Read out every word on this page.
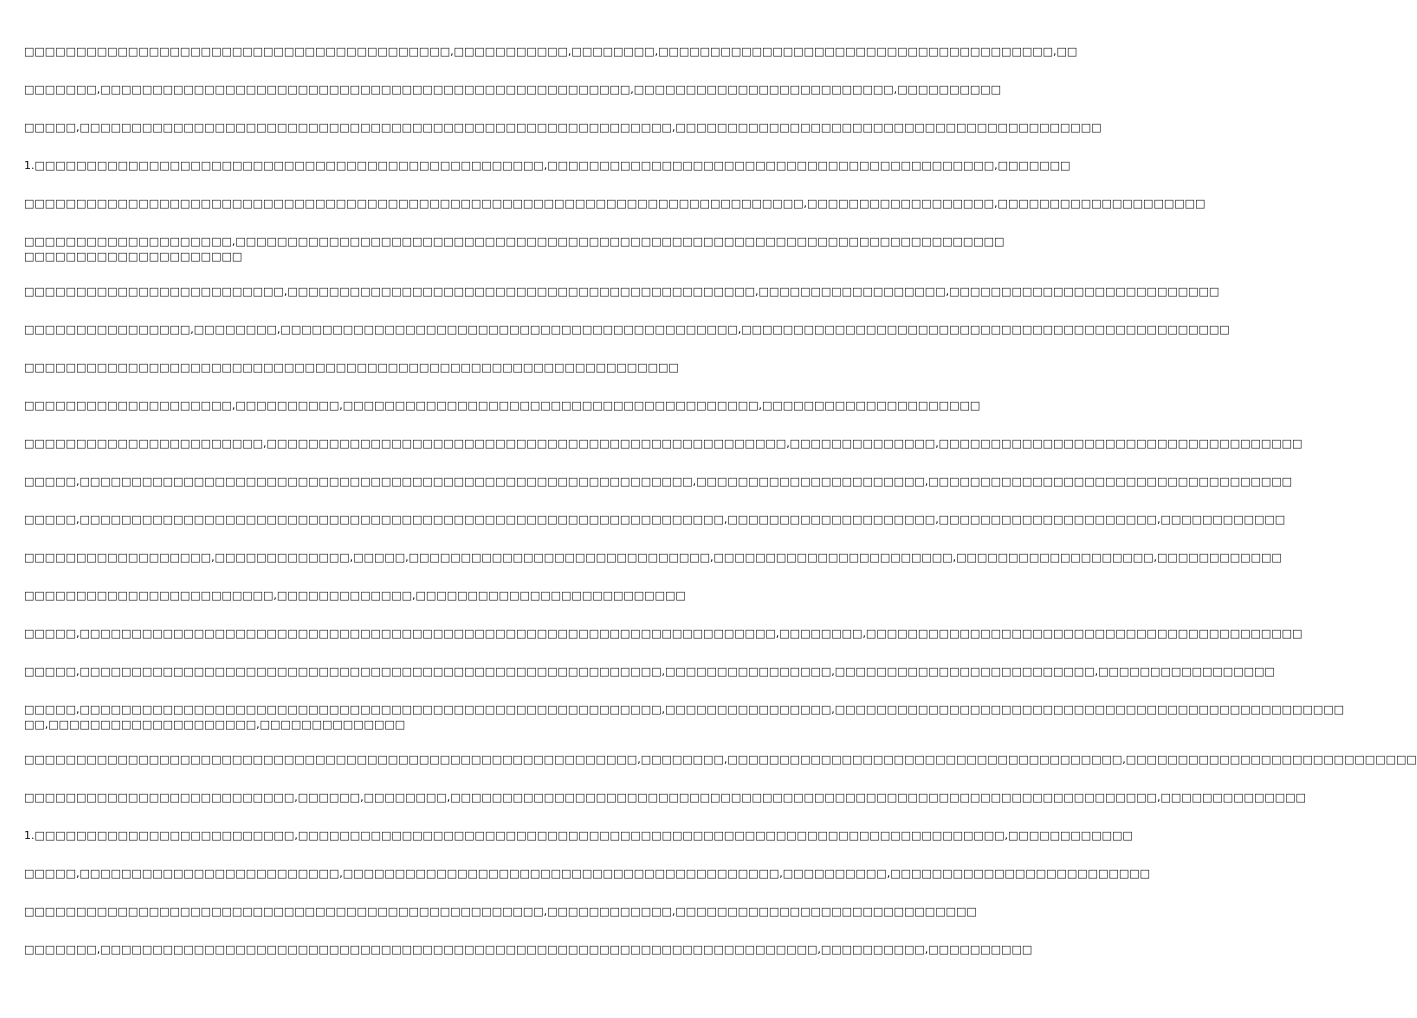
□□□□□□□□□□□□□□□□□□□□□□□□□□□□□□□□□□□□□□□□□,□□□□□□□□□□□,□□□□□□□□,□□□□□□□□□□□□□□□□□□□□□□□□□□□□□□□□□□□□□□,□□

□□□□□□□,□□□□□□□□□□□□□□□□□□□□□□□□□□□□□□□□□□□□□□□□□□□□□□□□□□□,□□□□□□□□□□□□□□□□□□□□□□□□□,□□□□□□□□□□

□□□□□,□□□□□□□□□□□□□□□□□□□□□□□□□□□□□□□□□□□□□□□□□□□□□□□□□□□□□□□□□,□□□□□□□□□□□□□□□□□□□□□□□□□□□□□□□□□□□□□□□□□

1.□□□□□□□□□□□□□□□□□□□□□□□□□□□□□□□□□□□□□□□□□□□□□□□□□,□□□□□□□□□□□□□□□□□□□□□□□□□□□□□□□□□□□□□□□□□□□,□□□□□□□

□□□□□□□□□□□□□□□□□□□□□□□□□□□□□□□□□□□□□□□□□□□□□□□□□□□□□□□□□□□□□□□□□□□□□□□□□□□,□□□□□□□□□□□□□□□□□□,□□□□□□□□□□□□□□□□□□□□

□□□□□□□□□□□□□□□□□□□□,□□□□□□□□□□□□□□□□□□□□□□□□□□□□□□□□□□□□□□□□□□□□□□□□□□□□□□□□□□□□□□□□□□□□□□□□□□ □□□□□□□□□□□□□□□□□□□□□

□□□□□□□□□□□□□□□□□□□□□□□□□,□□□□□□□□□□□□□□□□□□□□□□□□□□□□□□□□□□□□□□□□□□□□□,□□□□□□□□□□□□□□□□□□,□□□□□□□□□□□□□□□□□□□□□□□□□□

□□□□□□□□□□□□□□□□,□□□□□□□□,□□□□□□□□□□□□□□□□□□□□□□□□□□□□□□□□□□□□□□□□□□□□,□□□□□□□□□□□□□□□□□□□□□□□□□□□□□□□□□□□□□□□□□□□□□□□

□□□□□□□□□□□□□□□□□□□□□□□□□□□□□□□□□□□□□□□□□□□□□□□□□□□□□□□□□□□□□□□

□□□□□□□□□□□□□□□□□□□□,□□□□□□□□□□,□□□□□□□□□□□□□□□□□□□□□□□□□□□□□□□□□□□□□□□□,□□□□□□□□□□□□□□□□□□□□□

□□□□□□□□□□□□□□□□□□□□□□□,□□□□□□□□□□□□□□□□□□□□□□□□□□□□□□□□□□□□□□□□□□□□□□□□□□,□□□□□□□□□□□□□□,□□□□□□□□□□□□□□□□□□□□□□□□□□□□□□□□□□□

□□□□□,□□□□□□□□□□□□□□□□□□□□□□□□□□□□□□□□□□□□□□□□□□□□□□□□□□□□□□□□□□□,□□□□□□□□□□□□□□□□□□□□□□,□□□□□□□□□□□□□□□□□□□□□□□□□□□□□□□□□□□

□□□□□,□□□□□□□□□□□□□□□□□□□□□□□□□□□□□□□□□□□□□□□□□□□□□□□□□□□□□□□□□□□□□□,□□□□□□□□□□□□□□□□□□□□,□□□□□□□□□□□□□□□□□□□□□,□□□□□□□□□□□□

□□□□□□□□□□□□□□□□□□,□□□□□□□□□□□□□,□□□□□,□□□□□□□□□□□□□□□□□□□□□□□□□□□□□,□□□□□□□□□□□□□□□□□□□□□□□,□□□□□□□□□□□□□□□□□□□,□□□□□□□□□□□□

□□□□□□□□□□□□□□□□□□□□□□□□,□□□□□□□□□□□□□,□□□□□□□□□□□□□□□□□□□□□□□□□□

□□□□□,□□□□□□□□□□□□□□□□□□□□□□□□□□□□□□□□□□□□□□□□□□□□□□□□□□□□□□□□□□□□□□□□□□□,□□□□□□□□,□□□□□□□□□□□□□□□□□□□□□□□□□□□□□□□□□□□□□□□□□□

□□□□□,□□□□□□□□□□□□□□□□□□□□□□□□□□□□□□□□□□□□□□□□□□□□□□□□□□□□□□□□,□□□□□□□□□□□□□□□□,□□□□□□□□□□□□□□□□□□□□□□□□□,□□□□□□□□□□□□□□□□□

□□□□□,□□□□□□□□□□□□□□□□□□□□□□□□□□□□□□□□□□□□□□□□□□□□□□□□□□□□□□□□,□□□□□□□□□□□□□□□□,□□□□□□□□□□□□□□□□□□□□□□□□□□□□□□□□□□□□□□□□□□□□□□□□□ □□,□□□□□□□□□□□□□□□□□□□□,□□□□□□□□□□□□□□

□□□□□□□□□□□□□□□□□□□□□□□□□□□□□□□□□□□□□□□□□□□□□□□□□□□□□□□□□□□,□□□□□□□□,□□□□□□□□□□□□□□□□□□□□□□□□□□□□□□□□□□□□□□,□□□□□□□□□□□□□□□□□□□□□□□□□□□□

□□□□□□□□□□□□□□□□□□□□□□□□□□,□□□□□□,□□□□□□□□,□□□□□□□□□□□□□□□□□□□□□□□□□□□□□□□□□□□□□□□□□□□□□□□□□□□□□□□□□□□□□□□□□□□□,□□□□□□□□□□□□□□

1.□□□□□□□□□□□□□□□□□□□□□□□□□,□□□□□□□□□□□□□□□□□□□□□□□□□□□□□□□□□□□□□□□□□□□□□□□□□□□□□□□□□□□□□□□□□□□□,□□□□□□□□□□□□

□□□□□,□□□□□□□□□□□□□□□□□□□□□□□□□,□□□□□□□□□□□□□□□□□□□□□□□□□□□□□□□□□□□□□□□□□□,□□□□□□□□□□,□□□□□□□□□□□□□□□□□□□□□□□□□

□□□□□□□□□□□□□□□□□□□□□□□□□□□□□□□□□□□□□□□□□□□□□□□□□□,□□□□□□□□□□□□,□□□□□□□□□□□□□□□□□□□□□□□□□□□□□

□□□□□□□,□□□□□□□□□□□□□□□□□□□□□□□□□□□□□□□□□□□□□□□□□□□□□□□□□□□□□□□□□□□□□□□□□□□□□,□□□□□□□□□□,□□□□□□□□□□
